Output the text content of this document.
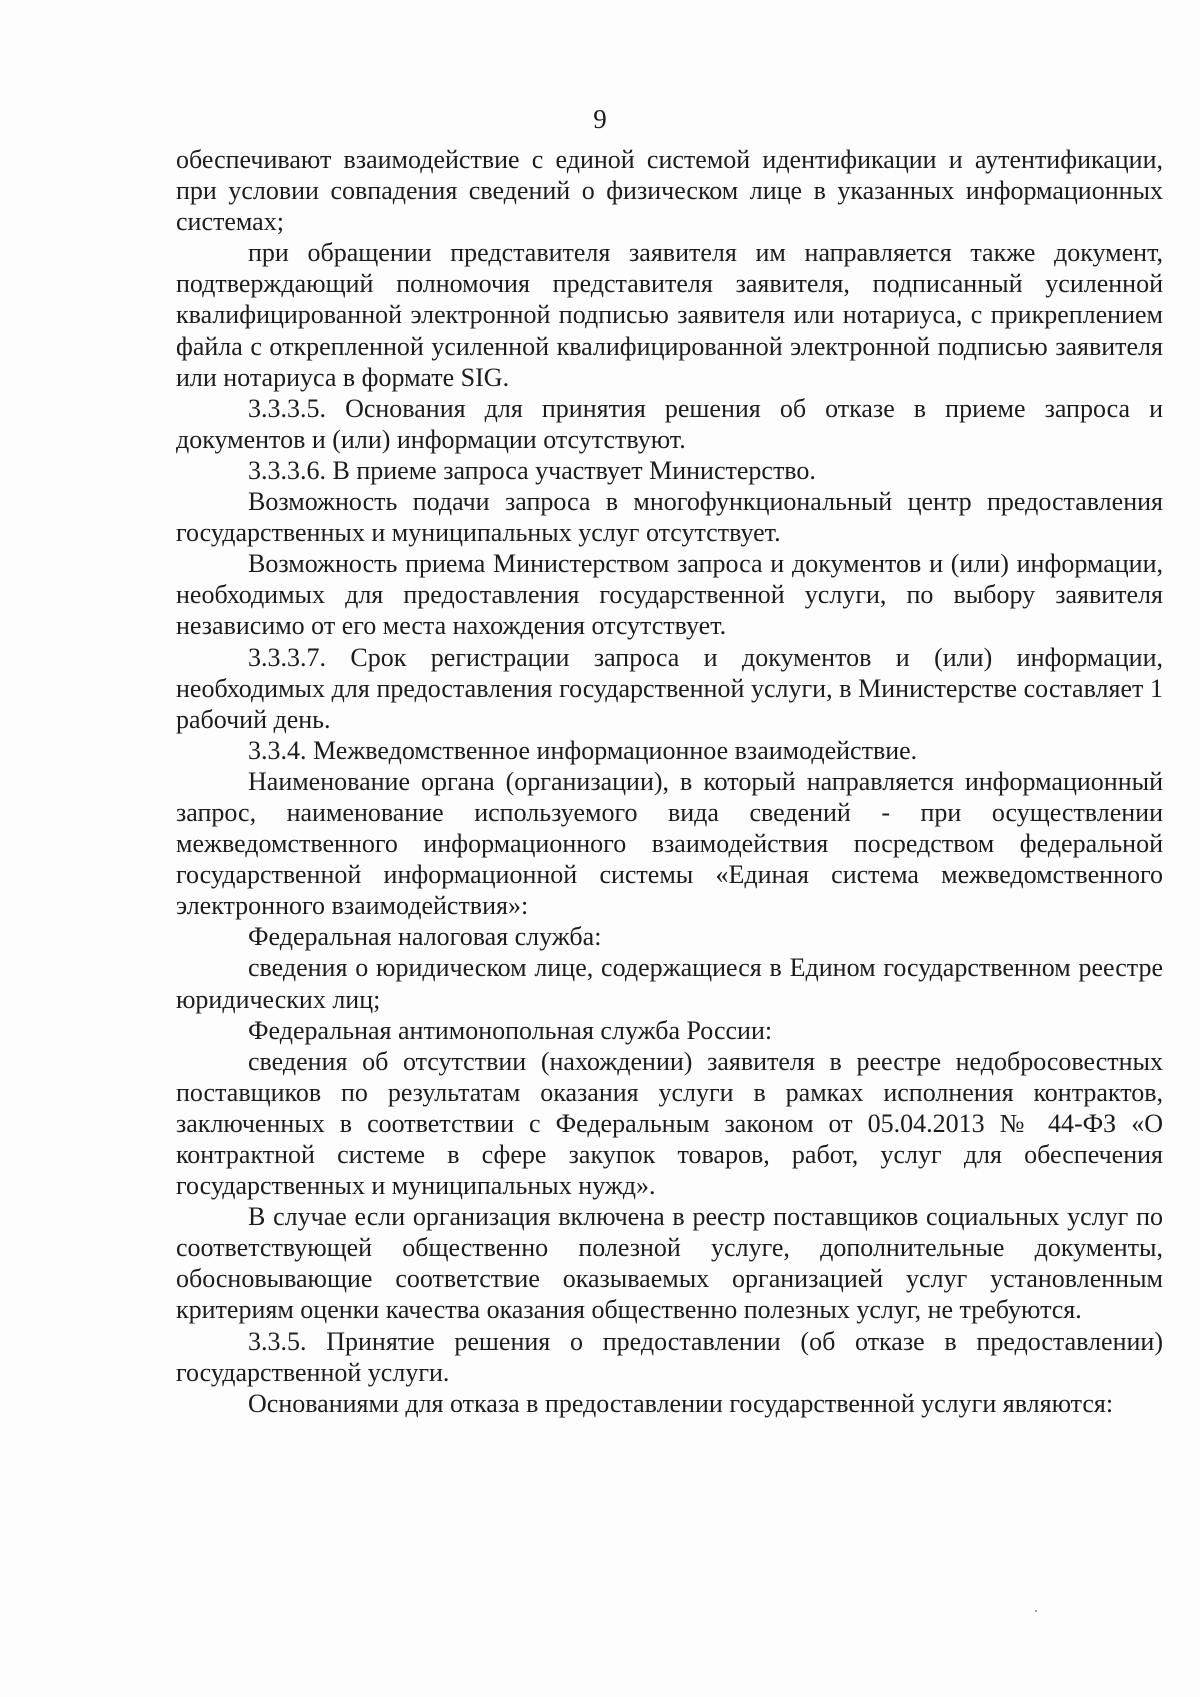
9

обеспечивают взаимодействие с единой системой идентификации и аутентификации, при условии совпадения сведений о физическом лице в указанных информационных системах;

при обращении представителя заявителя им направляется также документ, подтверждающий полномочия представителя заявителя, подписанный усиленной квалифицированной электронной подписью заявителя или нотариуса, с прикреплением файла с открепленной усиленной квалифицированной электронной подписью заявителя или нотариуса в формате SIG.

3.3.3.5. Основания для принятия решения об отказе в приеме запроса и документов и (или) информации отсутствуют.

3.3.3.6. В приеме запроса участвует Министерство.

Возможность подачи запроса в многофункциональный центр предоставления государственных и муниципальных услуг отсутствует.

Возможность приема Министерством запроса и документов и (или) информации, необходимых для предоставления государственной услуги, по выбору заявителя независимо от его места нахождения отсутствует.

3.3.3.7. Срок регистрации запроса и документов и (или) информации, необходимых для предоставления государственной услуги, в Министерстве составляет 1 рабочий день.

3.3.4. Межведомственное информационное взаимодействие.

Наименование органа (организации), в который направляется информационный запрос, наименование используемого вида сведений - при осуществлении межведомственного информационного взаимодействия посредством федеральной государственной информационной системы «Единая система межведомственного электронного взаимодействия»:

Федеральная налоговая служба:

сведения о юридическом лице, содержащиеся в Едином государственном реестре юридических лиц;

Федеральная антимонопольная служба России:

сведения об отсутствии (нахождении) заявителя в реестре недобросовестных поставщиков по результатам оказания услуги в рамках исполнения контрактов, заключенных в соответствии с Федеральным законом от 05.04.2013 № 44-ФЗ «О контрактной системе в сфере закупок товаров, работ, услуг для обеспечения государственных и муниципальных нужд».

В случае если организация включена в реестр поставщиков социальных услуг по соответствующей общественно полезной услуге, дополнительные документы, обосновывающие соответствие оказываемых организацией услуг установленным критериям оценки качества оказания общественно полезных услуг, не требуются.

3.3.5. Принятие решения о предоставлении (об отказе в предоставлении) государственной услуги.

Основаниями для отказа в предоставлении государственной услуги являются:
